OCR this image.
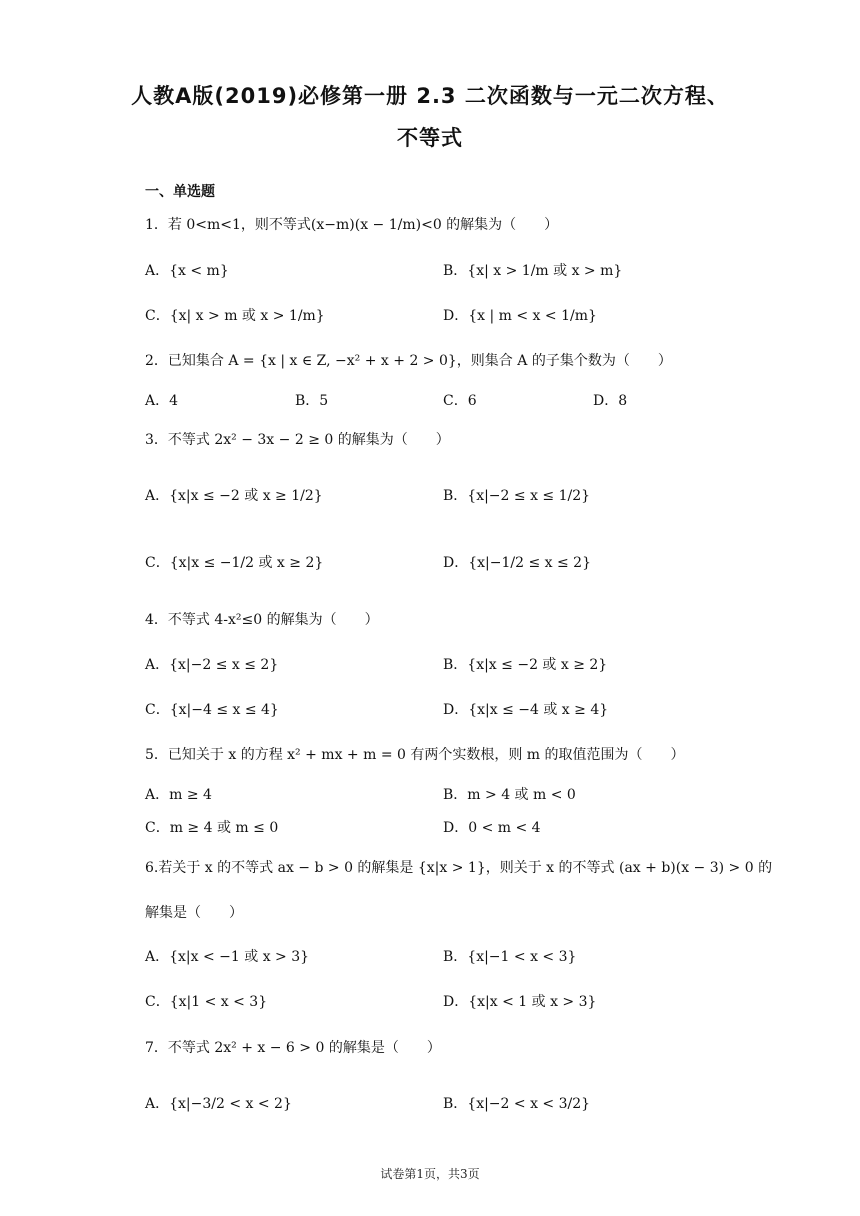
人教A版(2019)必修第一册 2.3 二次函数与一元二次方程、
不等式
一、单选题
1．若 0<m<1，则不等式(x−m)(x − 1/m)<0 的解集为（　　）
A．{x < m}	B．{x| x > 1/m 或 x > m}
C．{x| x > m 或 x > 1/m}	D．{x | m < x < 1/m}
2．已知集合 A = {x | x ∈ Z, −x² + x + 2 > 0}，则集合 A 的子集个数为（　　）
A．4	B．5	C．6	D．8
3．不等式 2x² − 3x − 2 ≥ 0 的解集为（　　）
A．{x|x ≤ −2 或 x ≥ 1/2}	B．{x|−2 ≤ x ≤ 1/2}
C．{x|x ≤ −1/2 或 x ≥ 2}	D．{x|−1/2 ≤ x ≤ 2}
4．不等式 4-x²≤0 的解集为（　　）
A．{x|−2 ≤ x ≤ 2}	B．{x|x ≤ −2 或 x ≥ 2}
C．{x|−4 ≤ x ≤ 4}	D．{x|x ≤ −4 或 x ≥ 4}
5．已知关于 x 的方程 x² + mx + m = 0 有两个实数根，则 m 的取值范围为（　　）
A．m ≥ 4	B．m > 4 或 m < 0
C．m ≥ 4 或 m ≤ 0	D．0 < m < 4
6.若关于 x 的不等式 ax − b > 0 的解集是 {x|x > 1}，则关于 x 的不等式 (ax + b)(x − 3) > 0 的
解集是（　　）
A．{x|x < −1 或 x > 3}	B．{x|−1 < x < 3}
C．{x|1 < x < 3}	D．{x|x < 1 或 x > 3}
7．不等式 2x² + x − 6 > 0 的解集是（　　）
A．{x|−3/2 < x < 2}	B．{x|−2 < x < 3/2}
试卷第1页，共3页
